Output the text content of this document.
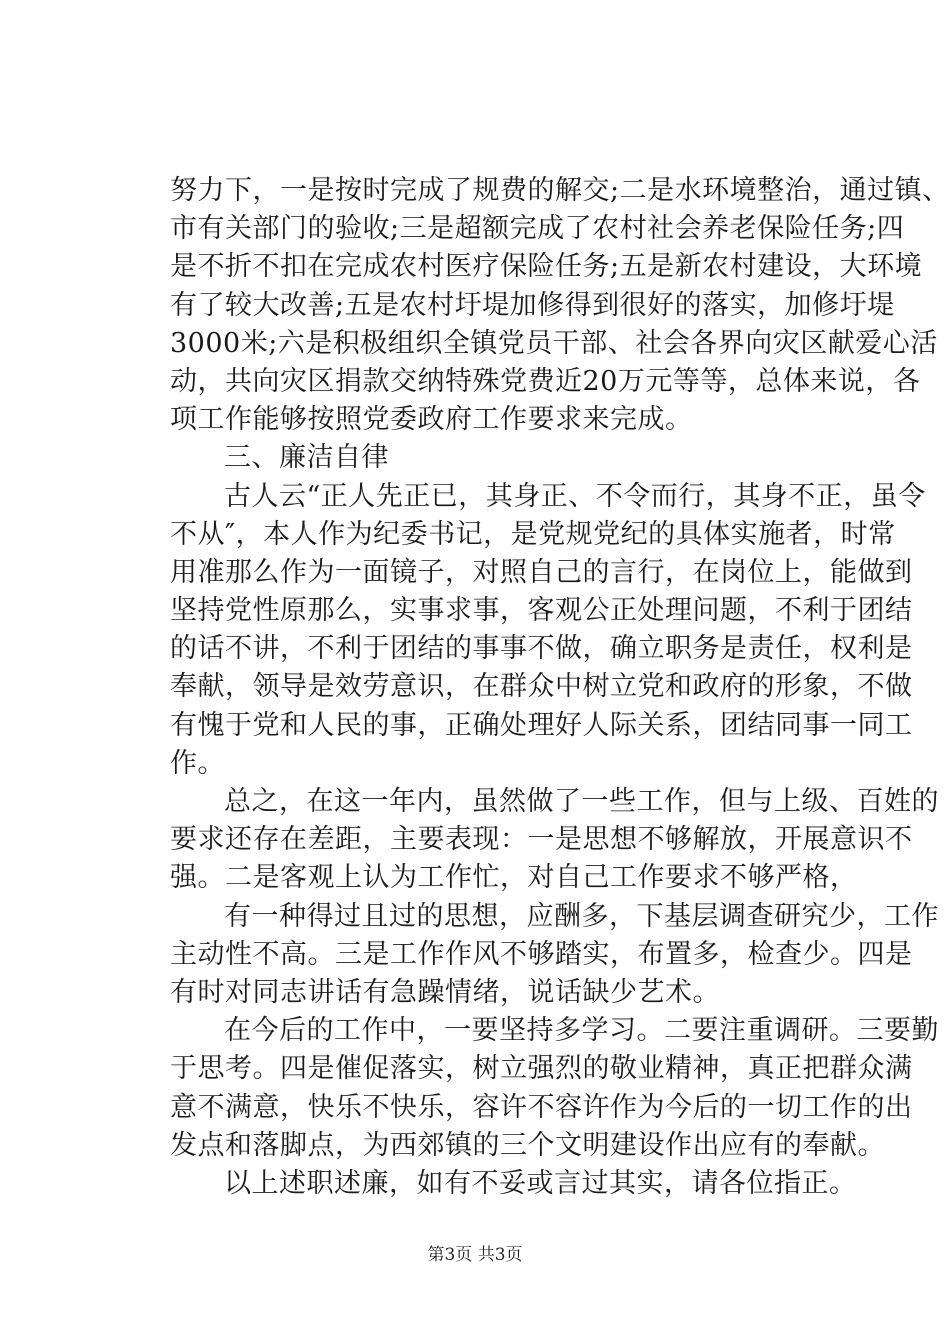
努力下，一是按时完成了规费的解交;二是水环境整治，通过镇、
市有关部门的验收;三是超额完成了农村社会养老保险任务;四
是不折不扣在完成农村医疗保险任务;五是新农村建设，大环境
有了较大改善;五是农村圩堤加修得到很好的落实，加修圩堤
3000米;六是积极组织全镇党员干部、社会各界向灾区献爱心活
动，共向灾区捐款交纳特殊党费近20万元等等，总体来说，各
项工作能够按照党委政府工作要求来完成。
三、廉洁自律
古人云“正人先正已，其身正、不令而行，其身不正，虽令
不从″，本人作为纪委书记，是党规党纪的具体实施者，时常
用准那么作为一面镜子，对照自己的言行，在岗位上，能做到
坚持党性原那么，实事求事，客观公正处理问题，不利于团结
的话不讲，不利于团结的事事不做，确立职务是责任，权利是
奉献，领导是效劳意识，在群众中树立党和政府的形象，不做
有愧于党和人民的事，正确处理好人际关系，团结同事一同工
作。
总之，在这一年内，虽然做了一些工作，但与上级、百姓的
要求还存在差距，主要表现：一是思想不够解放，开展意识不
强。二是客观上认为工作忙，对自己工作要求不够严格，
有一种得过且过的思想，应酬多，下基层调查研究少，工作
主动性不高。三是工作作风不够踏实，布置多，检查少。四是
有时对同志讲话有急躁情绪，说话缺少艺术。
在今后的工作中，一要坚持多学习。二要注重调研。三要勤
于思考。四是催促落实，树立强烈的敬业精神，真正把群众满
意不满意，快乐不快乐，容许不容许作为今后的一切工作的出
发点和落脚点，为西郊镇的三个文明建设作出应有的奉献。
以上述职述廉，如有不妥或言过其实，请各位指正。
第3页 共3页
